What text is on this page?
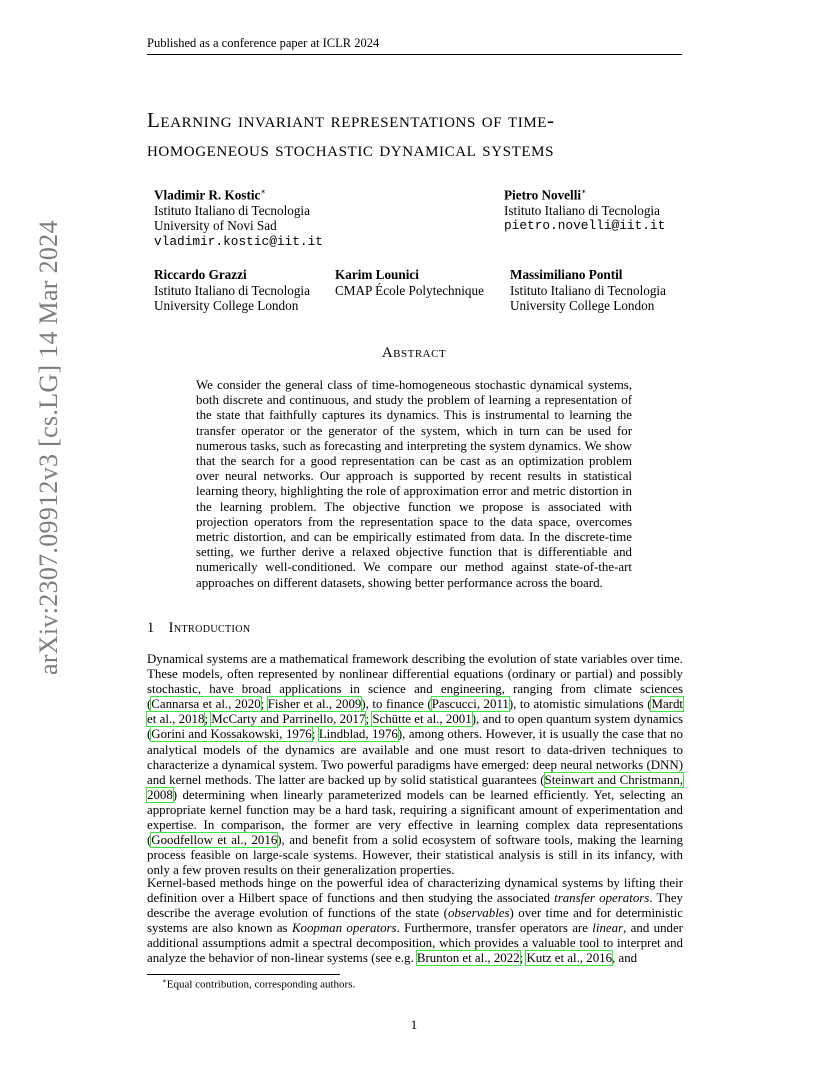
Published as a conference paper at ICLR 2024
arXiv:2307.09912v3 [cs.LG] 14 Mar 2024
Learning invariant representations of time-
homogeneous stochastic dynamical systems
Vladimir R. Kostic∗
Istituto Italiano di Tecnologia
University of Novi Sad
vladimir.kostic@iit.it
Pietro Novelli∗
Istituto Italiano di Tecnologia
pietro.novelli@iit.it
Riccardo Grazzi
Istituto Italiano di Tecnologia
University College London
Karim Lounici
CMAP École Polytechnique
Massimiliano Pontil
Istituto Italiano di Tecnologia
University College London
Abstract
We consider the general class of time-homogeneous stochastic dynamical systems, both discrete and continuous, and study the problem of learning a representation of the state that faithfully captures its dynamics. This is instrumental to learning the transfer operator or the generator of the system, which in turn can be used for numerous tasks, such as forecasting and interpreting the system dynamics. We show that the search for a good representation can be cast as an optimization problem over neural networks. Our approach is supported by recent results in statistical learning theory, highlighting the role of approximation error and metric distortion in the learning problem. The objective function we propose is associated with projection operators from the representation space to the data space, overcomes metric distortion, and can be empirically estimated from data. In the discrete-time setting, we further derive a relaxed objective function that is differentiable and numerically well-conditioned. We compare our method against state-of-the-art approaches on different datasets, showing better performance across the board.
1 Introduction
Dynamical systems are a mathematical framework describing the evolution of state variables over time. These models, often represented by nonlinear differential equations (ordinary or partial) and possibly stochastic, have broad applications in science and engineering, ranging from climate sciences (Cannarsa et al., 2020; Fisher et al., 2009), to finance (Pascucci, 2011), to atomistic simulations (Mardt et al., 2018; McCarty and Parrinello, 2017; Schütte et al., 2001), and to open quantum system dynamics (Gorini and Kossakowski, 1976; Lindblad, 1976), among others. However, it is usually the case that no analytical models of the dynamics are available and one must resort to data-driven techniques to characterize a dynamical system. Two powerful paradigms have emerged: deep neural networks (DNN) and kernel methods. The latter are backed up by solid statistical guarantees (Steinwart and Christmann, 2008) determining when linearly parameterized models can be learned efficiently. Yet, selecting an appropriate kernel function may be a hard task, requiring a significant amount of experimentation and expertise. In comparison, the former are very effective in learning complex data representations (Goodfellow et al., 2016), and benefit from a solid ecosystem of software tools, making the learning process feasible on large-scale systems. However, their statistical analysis is still in its infancy, with only a few proven results on their generalization properties.
Kernel-based methods hinge on the powerful idea of characterizing dynamical systems by lifting their definition over a Hilbert space of functions and then studying the associated transfer operators. They describe the average evolution of functions of the state (observables) over time and for deterministic systems are also known as Koopman operators. Furthermore, transfer operators are linear, and under additional assumptions admit a spectral decomposition, which provides a valuable tool to interpret and analyze the behavior of non-linear systems (see e.g. Brunton et al., 2022; Kutz et al., 2016, and
∗Equal contribution, corresponding authors.
1
